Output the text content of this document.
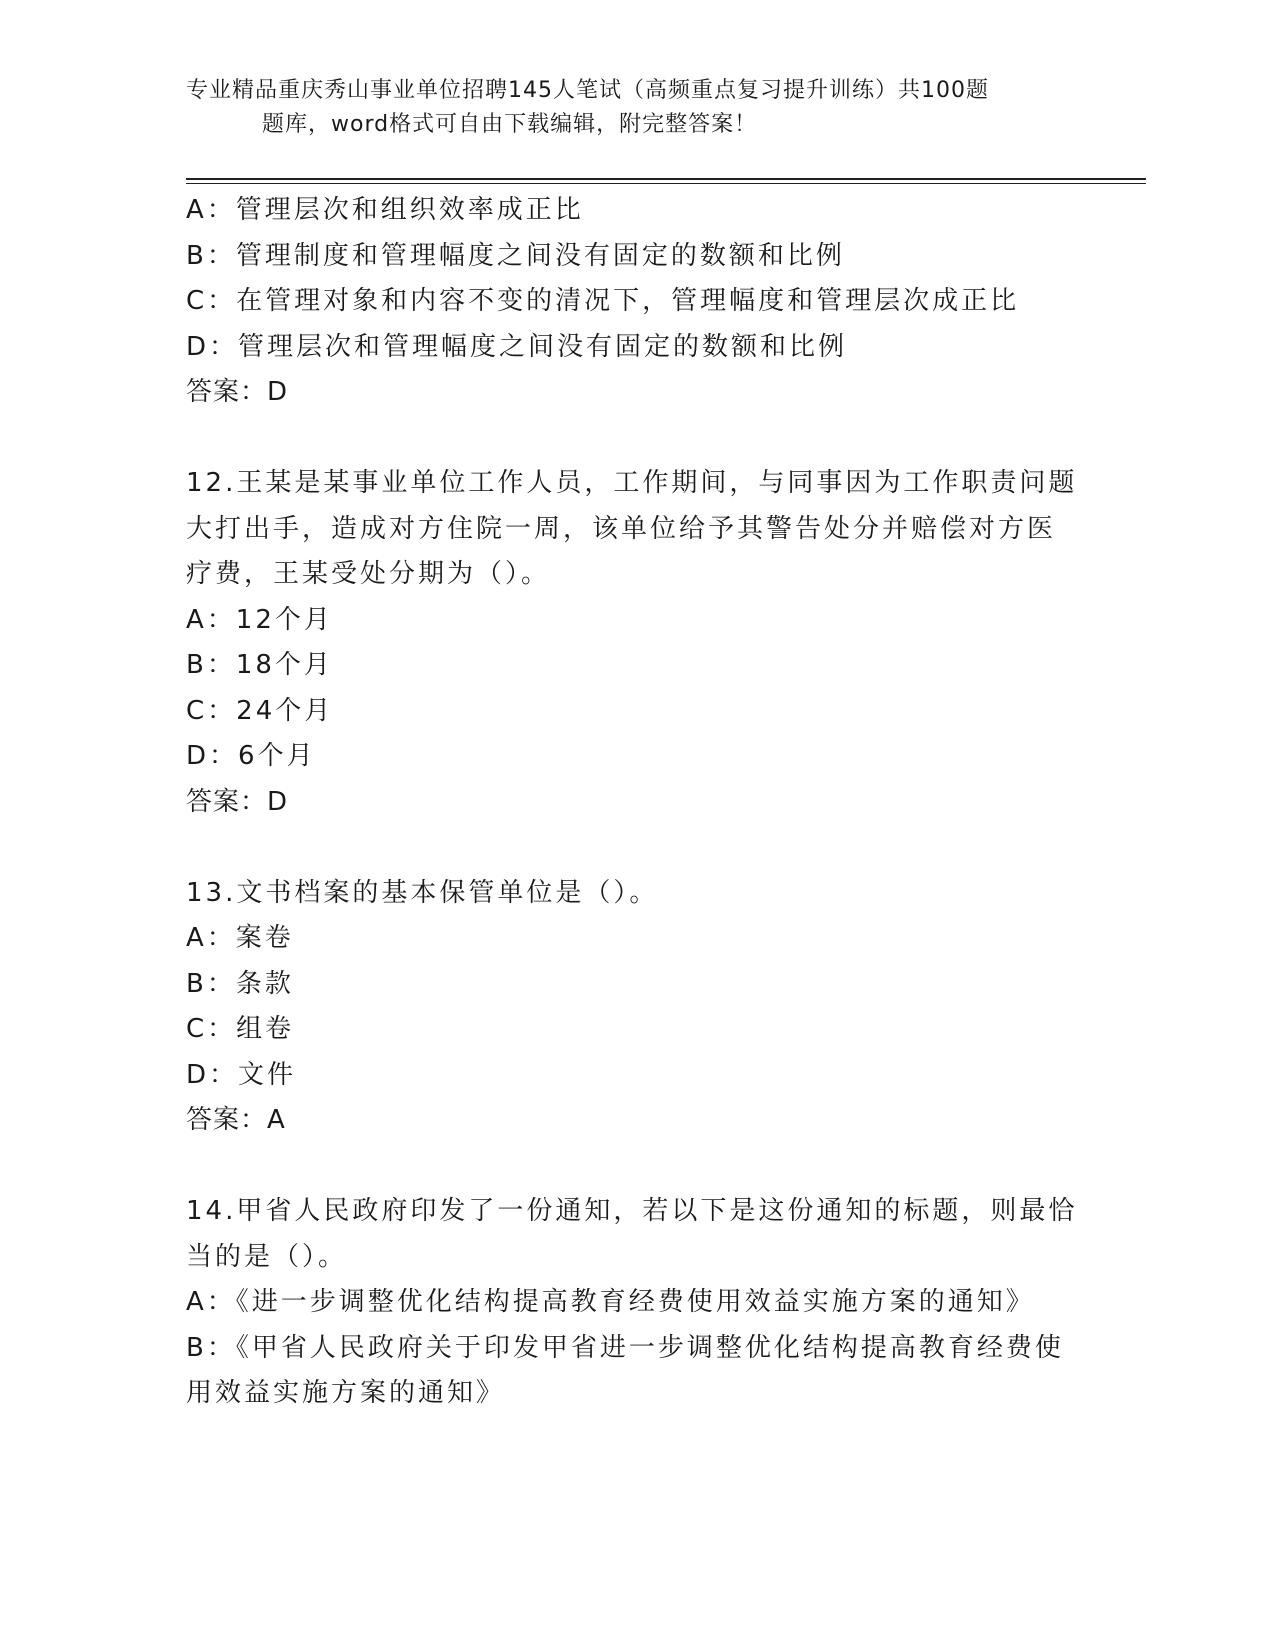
专业精品重庆秀山事业单位招聘145人笔试（高频重点复习提升训练）共100题
题库，word格式可自由下载编辑，附完整答案！
A：管理层次和组织效率成正比
B：管理制度和管理幅度之间没有固定的数额和比例
C：在管理对象和内容不变的清况下，管理幅度和管理层次成正比
D：管理层次和管理幅度之间没有固定的数额和比例
答案：D
12.王某是某事业单位工作人员，工作期间，与同事因为工作职责问题
大打出手，造成对方住院一周，该单位给予其警告处分并赔偿对方医
疗费，王某受处分期为（）。
A：12个月
B：18个月
C：24个月
D：6个月
答案：D
13.文书档案的基本保管单位是（）。
A：案卷
B：条款
C：组卷
D：文件
答案：A
14.甲省人民政府印发了一份通知，若以下是这份通知的标题，则最恰
当的是（）。
A：《进一步调整优化结构提高教育经费使用效益实施方案的通知》
B：《甲省人民政府关于印发甲省进一步调整优化结构提高教育经费使
用效益实施方案的通知》
